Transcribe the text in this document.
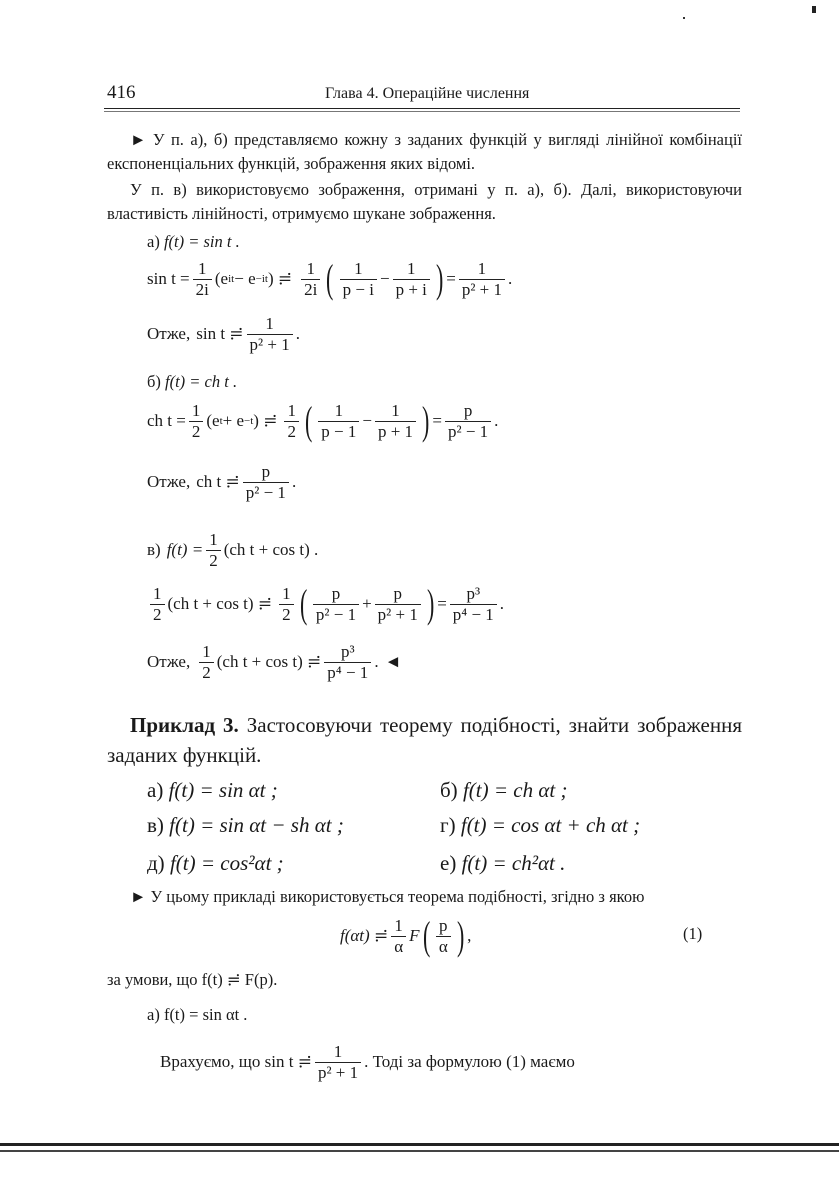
416	Глава 4. Операційне числення
► У п. а), б) представляємо кожну з заданих функцій у вигляді лінійної комбінації експоненціальних функцій, зображення яких відомі.
У п. в) використовуємо зображення, отримані у п. а), б). Далі, використовуючи властивість лінійності, отримуємо шукане зображення.
а) f(t) = sin t .
$\sin t = \frac{1}{2i} (e$ it − e −it ) ≓ $\frac{1}{2i}$ ( $\frac{1}{p - i} - \frac{1}{p + i}$ ) = $\frac{1}{\text{p² + 1}}$ .
Отже, sin t ≓ $\frac{1}{\text{p² + 1}}$ .
б) f(t) = ch t .
ch $t = \frac{1}{2} (e$ t + e −t ) ≓ $\frac{1}{2}$ ( $\frac{1}{p - 1} - \frac{1}{p + 1}$ ) = $\frac{p}{\text{p² − 1}}$ .
Отже, ch t ≓ $\frac{p}{\text{p² − 1}}$ .
в) $f(t) = \frac{1}{2} (ch$ t + cos t) .
$\frac{1}{2} (ch$ t + cos t) ≓ $\frac{1}{2}$ ( $\frac{p}{\text{p² − 1}} + \frac{p}{\text{p² + 1}}$ ) = $\frac{\text{p³}}{\text{p⁴ − 1}}$ .
Отже, $\frac{1}{2} (ch$ t + cos t) ≓ $\frac{\text{p³}}{\text{p⁴ − 1}}$ . ◄
Приклад 3. Застосовуючи теорему подібності, знайти зображення заданих функцій.
а) f(t) = sin αt ;	б) f(t) = ch αt ;
в) f(t) = sin αt − sh αt ;	г) f(t) = cos αt + ch αt ;
д) f(t) = cos²αt ;	е) f(t) = ch²αt .
► У цьому прикладі використовується теорема подібності, згідно з якою
f(αt) ≓ $\frac{1}{\alpha}$ F ( $\frac{p}{\alpha}$ ) ,	(1)
за умови, що f(t) ≓ F(p).
а) f(t) = sin αt .
Врахуємо, що sin t ≓ $\frac{1}{\text{p² + 1}}$ . Тоді за формулою (1) маємо
